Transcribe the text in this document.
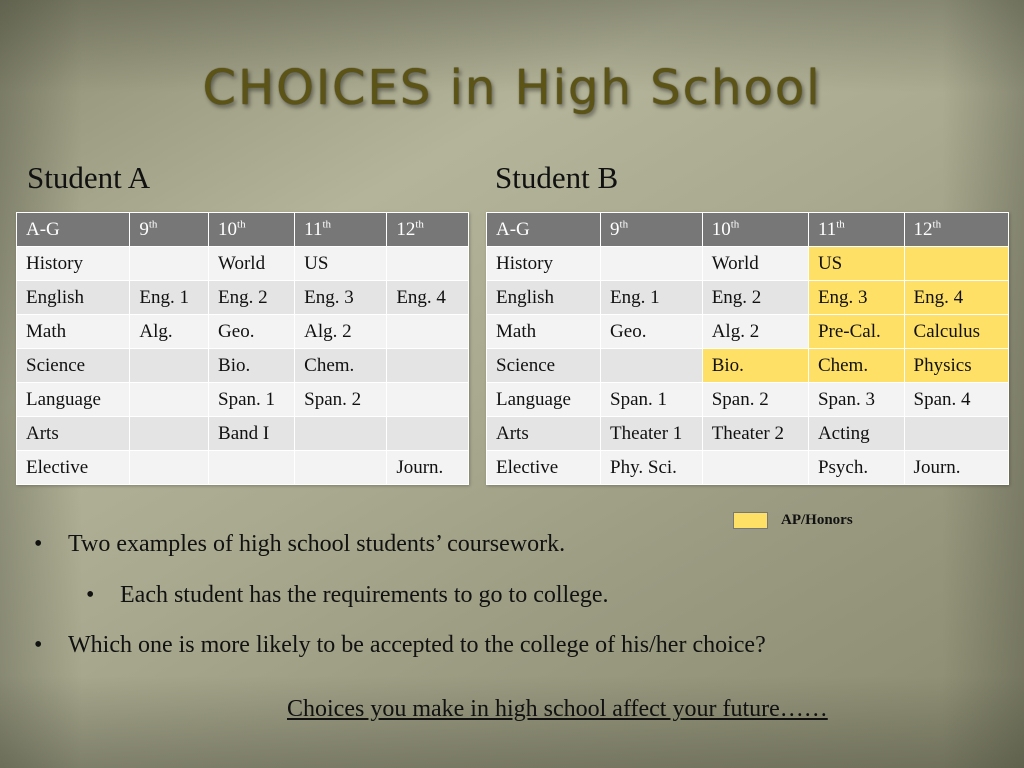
CHOICES in High School
Student A	Student B
A-G	9th	10th	11th	12th
History		World	US	
English	Eng. 1	Eng. 2	Eng. 3	Eng. 4
Math	Alg.	Geo.	Alg. 2	
Science		Bio.	Chem.	
Language		Span. 1	Span. 2	
Arts		Band I		
Elective				Journ.
A-G	9th	10th	11th	12th
History		World	US	
English	Eng. 1	Eng. 2	Eng. 3	Eng. 4
Math	Geo.	Alg. 2	Pre-Cal.	Calculus
Science		Bio.	Chem.	Physics
Language	Span. 1	Span. 2	Span. 3	Span. 4
Arts	Theater 1	Theater 2	Acting	
Elective	Phy. Sci.		Psych.	Journ.
AP/Honors
•	Two examples of high school students’ coursework.
•	Each student has the requirements to go to college.
•	Which one is more likely to be accepted to the college of his/her choice?
Choices you make in high school affect your future……
